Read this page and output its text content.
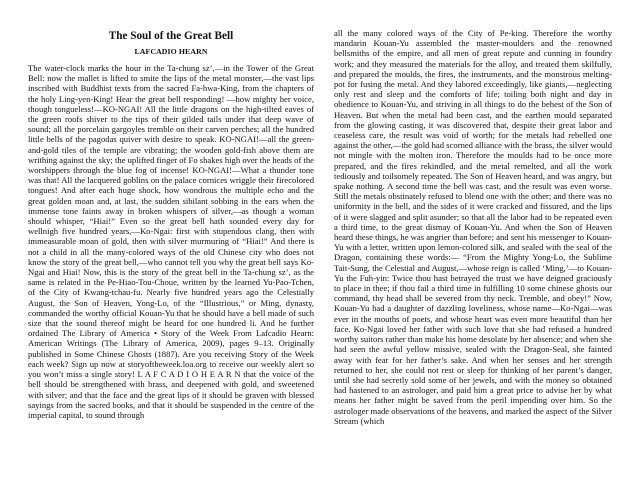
The Soul of the Great Bell
LAFCADIO HEARN

The water-clock marks the hour in the Ta-chung sz’,—in the Tower of the Great Bell: now the mallet is lifted to smite the lips of the metal monster,—the vast lips inscribed with Buddhist texts from the sacred Fa-hwa-King, from the chapters of the holy Ling-yen-King! Hear the great bell responding! —how mighty her voice, though tongueless!—KO-NGAI! All the little dragons on the high-tilted eaves of the green roofs shiver to the tips of their gilded tails under that deep wave of sound; all the porcelain gargoyles tremble on their carven perches; all the hundred little bells of the pagodas quiver with desire to speak. KO-NGAI!—all the green-and-gold tiles of the temple are vibrating; the wooden gold-fish above them are writhing against the sky; the uplifted finger of Fo shakes high over the heads of the worshippers through the blue fog of incense! KO-NGAI!—What a thunder tone was that! All the lacquered goblins on the palace cornices wriggle their firecolored tongues! And after each huge shock, how wondrous the multiple echo and the great golden moan and, at last, the sudden sibilant sobbing in the ears when the immense tone faints away in broken whispers of silver,—as though a woman should whisper, “Hiai!” Even so the great bell hath sounded every day for wellnigh five hundred years,—Ko-Ngai: first with stupendous clang, then with immeasurable moan of gold, then with silver murmuring of “Hiai!” And there is not a child in all the many-colored ways of the old Chinese city who does not know the story of the great bell,—who cannot tell you why the great bell says Ko-Ngai and Hiai! Now, this is the story of the great bell in the Ta-chung sz’, as the same is related in the Pe-Hiao-Tou-Choue, written by the learned Yu-Pao-Tchen, of the City of Kwang-tchau-fu. Nearly five hundred years ago the Celestially August, the Son of Heaven, Yong-Lo, of the “Illustrious,” or Ming, dynasty, commanded the worthy official Kouan-Yu that he should have a bell made of such size that the sound thereof might be heard for one hundred li. And he further ordained The Library of America • Story of the Week From Lafcadio Hearn: American Writings (The Library of America, 2009), pages 9–13. Originally published in Some Chinese Ghosts (1887). Are you receiving Story of the Week each week? Sign up now at storyoftheweek.loa.org to receive our weekly alert so you won’t miss a single story! L A F C A D I O H E A R N that the voice of the bell should be strengthened with brass, and deepened with gold, and sweetened with silver; and that the face and the great lips of it should be graven with blessed sayings from the sacred books, and that it should be suspended in the centre of the imperial capital, to sound through

all the many colored ways of the City of Pe-king. Therefore the worthy mandarin Kouan-Yu assembled the master-moulders and the renowned bellsmiths of the empire, and all men of great repute and cunning in foundry work; and they measured the materials for the alloy, and treated them skilfully, and prepared the moulds, the fires, the instruments, and the monstrous melting-pot for fusing the metal. And they labored exceedingly, like giants,—neglecting only rest and sleep and the comforts of life; toiling both night and day in obedience to Kouan-Yu, and striving in all things to do the behest of the Son of Heaven. But when the metal had been cast, and the earthen mould separated from the glowing casting, it was discovered that, despite their great labor and ceaseless care, the result was void of worth; for the metals had rebelled one against the other,—the gold had scorned alliance with the brass, the silver would not mingle with the molten iron. Therefore the moulds had to be once more prepared, and the fires rekindled, and the metal remelted, and all the work tediously and toilsomely repeated. The Son of Heaven heard, and was angry, but spake nothing. A second time the bell was cast, and the result was even worse. Still the metals obstinately refused to blend one with the other; and there was no uniformity in the bell, and the sides of it were cracked and fissured, and the lips of it were slagged and split asunder; so that all the labor had to be repeated even a third time, to the great dismay of Kouan-Yu. And when the Son of Heaven heard these things, he was angrier than before; and sent his messenger to Kouan-Yu with a letter, written upon lemon-colored silk, and sealed with the seal of the Dragon, containing these words:— “From the Mighty Yong-Lo, the Sublime Tait-Sung, the Celestial and August,—whose reign is called ‘Ming,’—to Kouan-Yu the Fuh-yin: Twice thou hast betrayed the trust we have deigned graciously to place in thee; if thou fail a third time in fulfilling 10 some chinese ghosts our command, thy head shall be severed from thy neck. Tremble, and obey!” Now, Kouan-Yu had a daughter of dazzling loveliness, whose name—Ko-Ngai—was ever in the mouths of poets, and whose heart was even more beautiful than her face. Ko-Ngai loved her father with such love that she had refused a hundred worthy suitors rather than make his home desolate by her absence; and when she had seen the awful yellow missive, sealed with the Dragon-Seal, she fainted away with fear for her father’s sake. And when her senses and her strength returned to her, she could not rest or sleep for thinking of her parent’s danger, until she had secretly sold some of her jewels, and with the money so obtained had hastened to an astrologer, and paid him a great price to advise her by what means her father might be saved from the peril impending over him. So the astrologer made observations of the heavens, and marked the aspect of the Silver Stream (which
